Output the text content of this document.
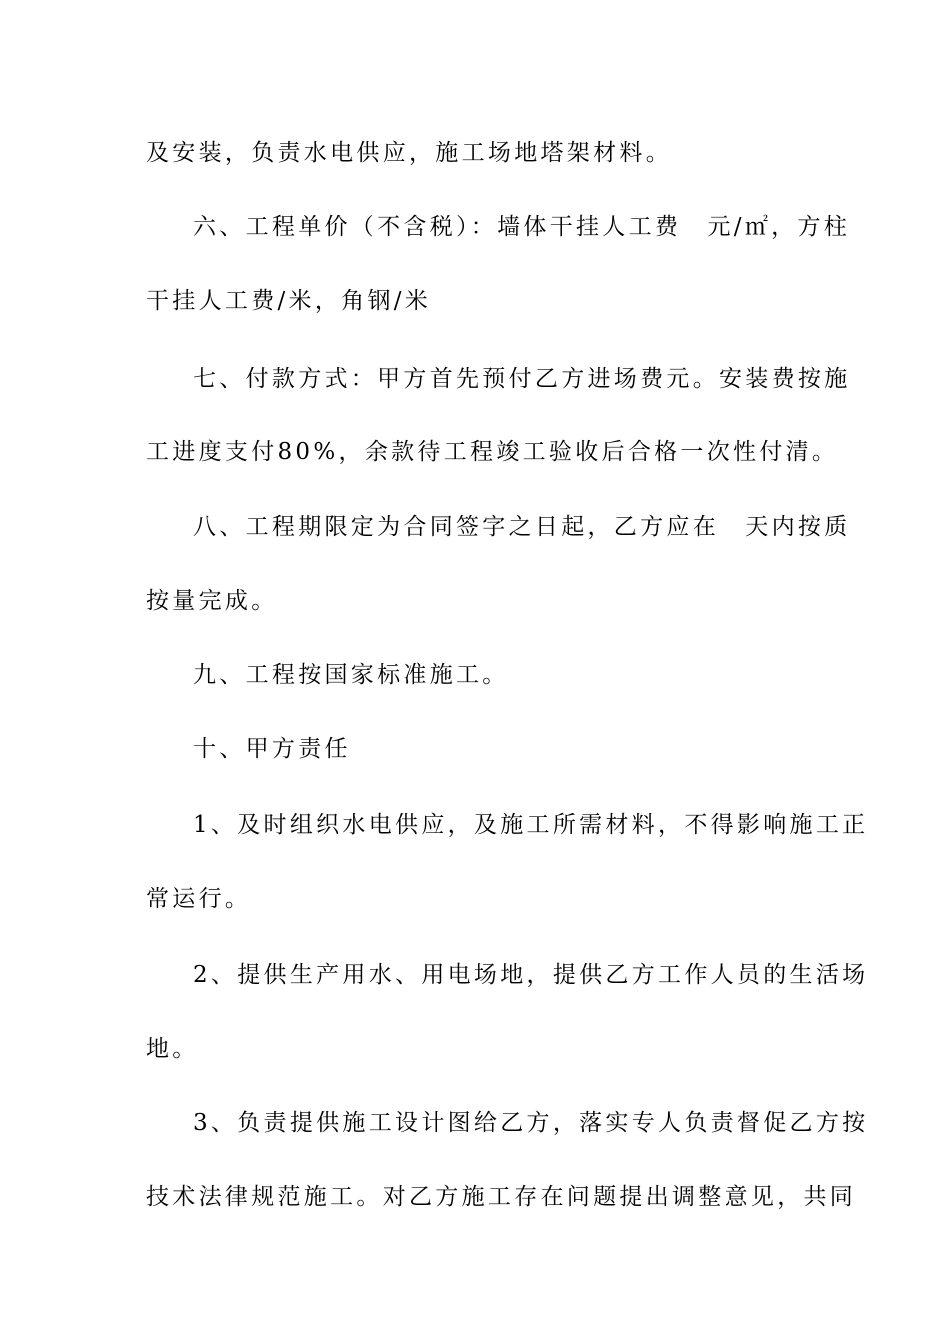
及安装，负责水电供应，施工场地塔架材料。
六、工程单价（不含税）：墙体干挂人工费　元/㎡，方柱
干挂人工费/米，角钢/米
七、付款方式：甲方首先预付乙方进场费元。安装费按施
工进度支付80%，余款待工程竣工验收后合格一次性付清。
八、工程期限定为合同签字之日起，乙方应在　天内按质
按量完成。
九、工程按国家标准施工。
十、甲方责任
1、及时组织水电供应，及施工所需材料，不得影响施工正
常运行。
2、提供生产用水、用电场地，提供乙方工作人员的生活场
地。
3、负责提供施工设计图给乙方，落实专人负责督促乙方按
技术法律规范施工。对乙方施工存在问题提出调整意见，共同
